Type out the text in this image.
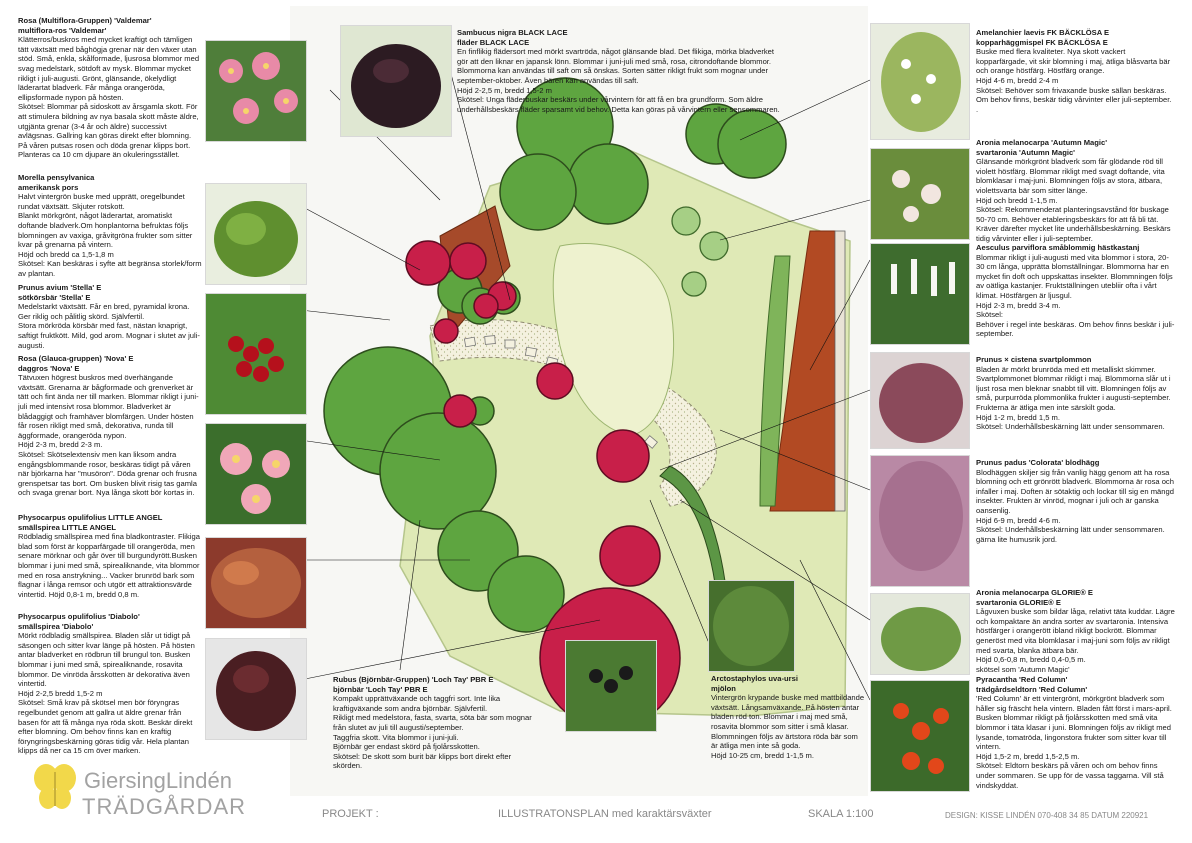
Rosa (Multiflora-Gruppen) 'Valdemar'
multiflora-ros 'Valdemar'
Klätterros/buskros med mycket kraftigt och tämligen tätt växtsätt med båghögja grenar när den växer utan stöd. Små, enkla, skålformade, ljusrosa blommor med svag medelstark, sötdoft av mysk. Blommar mycket rikligt i juli-augusti. Grönt, glänsande, ökelydligt läderartat bladverk. Får många orangeröda, ellipsformade nypon på hösten.
Skötsel: Blommar på sidoskott av årsgamla skott. För att stimulera bildning av nya basala skott måste äldre, utgjänta grenar (3-4 år och äldre) successivt avlägsnas. Gallring kan göras direkt efter blomning. På våren putsas rosen och döda grenar klipps bort. Planteras ca 10 cm djupare än okuleringsstället.
Morella pensylvanica
amerikansk pors
Halvt vintergrön buske med upprätt, oregelbundet rundat växtsätt. Skjuter rotskott.
Blankt mörkgrönt, något läderartat, aromatiskt doftande bladverk.Om honplantorna befruktas följs blomningen av vaxiga, gråvitgröna frukter som sitter kvar på grenarna på vintern.
Höjd och bredd ca 1,5-1,8 m
Skötsel: Kan beskäras i syfte att begränsa storlek/form av plantan.
Prunus avium 'Stella' E
sötkörsbär 'Stella' E
Medelstarkt växtsätt. Får en bred, pyramidal krona. Ger riklig och pålitlig skörd. Självfertil.
Stora mörkröda körsbär med fast, nästan knaprigt, saftigt fruktkött. Mild, god arom. Mognar i slutet av juli-augusti.
Rosa (Glauca-gruppen) 'Nova' E
daggros 'Nova' E
Tätvuxen högrest buskros med överhängande växtsätt. Grenarna är bågformade och grenverket är tätt och fint ända ner till marken. Blommar rikligt i juni-juli med intensivt rosa blommor. Bladverket är blådaggigt och framhäver blomfärgen. Under hösten får rosen rikligt med små, dekorativa, runda till äggformade, orangeröda nypon.
Höjd 2-3 m, bredd 2-3 m.
Skötsel: Skötselextensiv men kan liksom andra engångsblommande rosor, beskäras tidigt på våren när björkarna har "musöron". Döda grenar och frusna grenspetsar tas bort. Om busken blivit risig tas gamla och svaga grenar bort. Nya långa skott bör kortas in.
Physocarpus opulifolius LITTLE ANGEL
smällspirea LITTLE ANGEL
Rödbladig smällspirea med fina bladkontraster. Flikiga blad som först är kopparfärgade till orangeröda, men senare mörknar och går över till burgundyrött.Busken blommar i juni med små, spirealiknande, vita blommor med en rosa anstrykning... Vacker brunröd bark som flagnar i långa remsor och utgör ett attraktionsvärde vintertid. Höjd 0,8-1 m, bredd 0,8 m.
Physocarpus opulifolius 'Diabolo'
smällspirea 'Diabolo'
Mörkt rödbladig smällspirea. Bladen slår ut tidigt på säsongen och sitter kvar länge på hösten. På hösten antar bladverket en rödbrun till brungul ton. Busken blommar i juni med små, spirealiknande, rosavita blommor. De vinröda årsskotten är dekorativa även vintertid.
Höjd 2-2,5 bredd 1,5-2 m
Skötsel: Små krav på skötsel men bör föryngras regelbundet genom att gallra ut äldre grenar från basen för att få många nya röda skott. Beskär direkt efter blomning. Om behov finns kan en kraftig föryngringsbeskärning göras tidig vår. Hela plantan klipps då ner ca 15 cm över marken.
Sambucus nigra BLACK LACE
fläder BLACK LACE
En finflikig flädersort med mörkt svartröda, något glänsande blad. Det flikiga, mörka bladverket gör att den liknar en japansk lönn. Blommar i juni-juli med små, rosa, citrondoftande blommor. Blommorna kan användas till saft om så önskas. Sorten sätter rikligt frukt som mognar under september-oktober. Även bären kan användas till saft.
Höjd 2-2,5 m, bredd 1,5-2 m
Skötsel: Unga fläderbuskar beskärs under vårvintern för att få en bra grundform. Som äldre underhållsbeskärs fläder sparsamt vid behov. Detta kan göras på vårvintern eller sensommaren.
Rubus (Björnbär-Gruppen) 'Loch Tay' PBR E
björnbär 'Loch Tay' PBR E
Kompakt upprättväxande och taggfri sort. Inte lika kraftigväxande som andra björnbär. Självfertil.
Rikligt med medelstora, fasta, svarta, söta bär som mognar från slutet av juli till augusti/september.
Taggfria skott. Vita blommor i juni-juli.
Björnbär ger endast skörd på fjolårsskotten.
Skötsel: De skott som burit bär klipps bort direkt efter skörden.
Arctostaphylos uva-ursi
mjölon
Vintergrön krypande buske med mattbildande växtsätt. Långsamväxande. På hösten antar bladen röd ton. Blommar i maj med små, rosavita blommor som sitter i små klasar. Blommningen följs av ärtstora röda bär som är ätliga men inte så goda.
Höjd 10-25 cm, bredd 1-1,5 m.
Amelanchier laevis FK BÄCKLÖSA E
kopparhäggmispel FK BÄCKLÖSA E
Buske med flera kvaliteter. Nya skott vackert kopparfärgade, vit skir blomning i maj, ätliga blåsvarta bär och orange höstfärg. Höstfärg orange.
Höjd 4-6 m, bredd 2-4 m
Skötsel: Behöver som frivaxande buske sällan beskäras. Om behov finns, beskär tidig vårvinter eller juli-september.
.
Aronia melanocarpa 'Autumn Magic'
svartaronia 'Autumn Magic'
Glänsande mörkgrönt bladverk som får glödande röd till violett höstfärg. Blommar rikligt med svagt doftande, vita blomklasar i maj-juni. Blomningen följs av stora, ätbara, violettsvarta bär som sitter länge.
Höjd och bredd 1-1,5 m.
Skötsel: Rekommenderat planteringsavstånd för buskage 50-70 cm. Behöver etableringsbeskärs för att få bli tät. Kräver därefter mycket lite underhållsbeskärning. Beskärs tidig vårvinter eller i juli-september.
Aesculus parviflora småblommig hästkastanj
Blommar rikligt i juli-augusti med vita blommor i stora, 20-30 cm långa, upprätta blomställningar. Blommorna har en mycket fin doft och uppskattas insekter. Blommningen följs av oätliga kastanjer. Fruktställningen utebliir ofta i vårt klimat. Höstfärgen är ljusgul.
Höjd 2-3 m, bredd 3-4 m.
Skötsel:
Behöver i regel inte beskäras. Om behov finns beskär i juli-september.
Prunus × cistena svartplommon
Bladen är mörkt brunröda med ett metalliskt skimmer. Svartplommonet blommar rikligt i maj. Blommorna slår ut i ljust rosa men bleknar snabbt till vitt. Blomningen följs av små, purpurröda plommonlika frukter i augusti-september. Frukterna är ätliga men inte särskilt goda.
Höjd 1-2 m, bredd 1,5 m.
Skötsel: Underhållsbeskärning lätt under sensommaren.
Prunus padus 'Colorata' blodhägg
Blodhäggen skiljer sig från vanlig hägg genom att ha rosa blomning och ett grönrött bladverk. Blommorna är rosa och infaller i maj. Doften är sötaktig och lockar till sig en mängd insekter. Frukten är vinröd, mognar i juli och är ganska oansenlig.
Höjd 6-9 m, bredd 4-6 m.
Skötsel: Underhållsbeskärning lätt under sensommaren. gärna lite humusrik jord.
Aronia melanocarpa GLORIE® E
svartaronia GLORIE® E
Lågvuxen buske som bildar låga, relativt täta kuddar. Lägre och kompaktare än andra sorter av svartaronia. Intensiva höstfärger i orangerött iblаnd rikligt bockrött. Blommar generöst med vita blomklasar i maj-juni som följs av rikligt med svarta, blanka ätbara bär.
Höjd 0,6-0,8 m, bredd 0,4-0,5 m.
skötsel som 'Autumn Magic'
Pyracantha 'Red Column'
trädgårdseldtorn 'Red Column'
'Red Column' är ett vintergrönt, mörkgrönt bladverk som håller sig fräscht hela vintern. Bladen fått först i mars-april. Busken blommar rikligt på fjolårsskotten med små vita blommor i täta klasar i juni. Blomningen följs av rikligt med lysande, tomatröda, lingonstora frukter som sitter kvar till vintern.
Höjd 1,5-2 m, bredd 1,5-2,5 m.
Skötsel: Eldtorn beskärs på våren och om behov finns under sommaren. Se upp för de vassa taggarna. Vill stå vindskyddat.
GiersingLindén
TRÄDGÅRDAR	PROJEKT :	ILLUSTRATONSPLAN med karaktärsväxter	SKALA 1:100	DESIGN: KISSE LINDÉN 070-408 34 85 DATUM 220921
